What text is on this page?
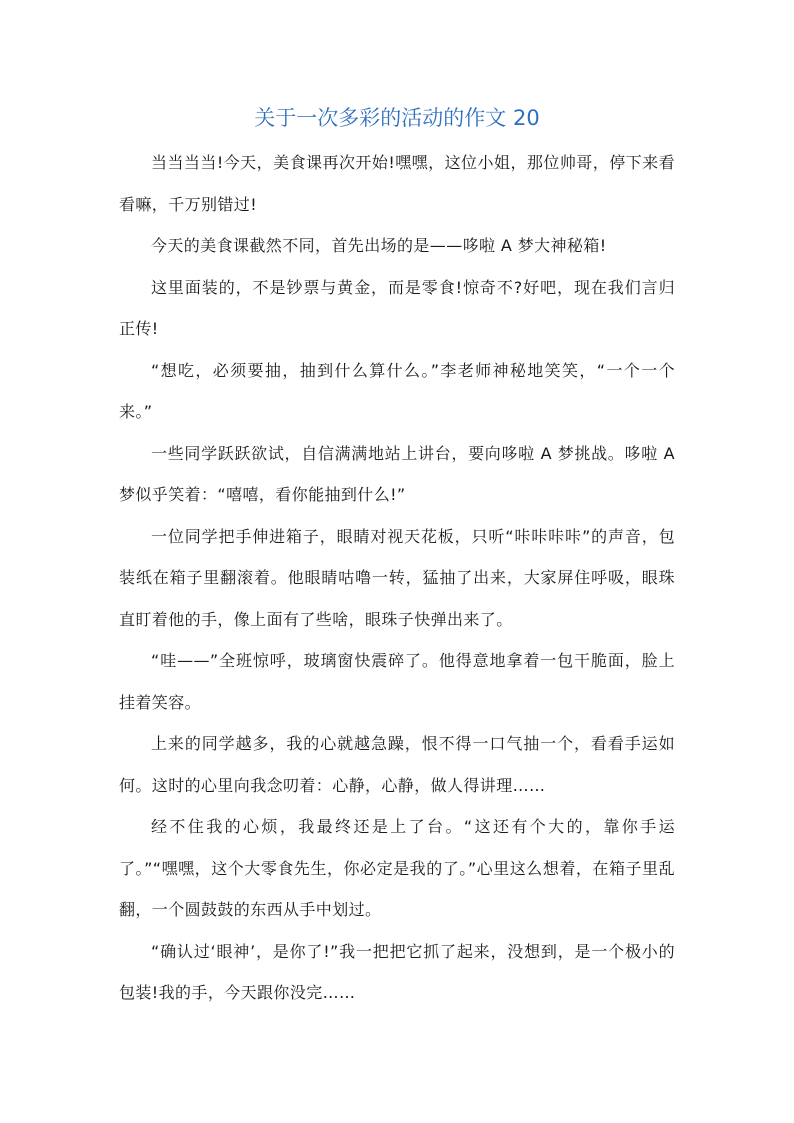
关于一次多彩的活动的作文 20

当当当当!今天，美食课再次开始!嘿嘿，这位小姐，那位帅哥，停下来看看嘛，千万别错过!

今天的美食课截然不同，首先出场的是——哆啦 A 梦大神秘箱!

这里面装的，不是钞票与黄金，而是零食!惊奇不?好吧，现在我们言归正传!

“想吃，必须要抽，抽到什么算什么。”李老师神秘地笑笑，“一个一个来。”

一些同学跃跃欲试，自信满满地站上讲台，要向哆啦 A 梦挑战。哆啦 A 梦似乎笑着：“嘻嘻，看你能抽到什么!”

一位同学把手伸进箱子，眼睛对视天花板，只听“咔咔咔咔”的声音，包装纸在箱子里翻滚着。他眼睛咕噜一转，猛抽了出来，大家屏住呼吸，眼珠直盯着他的手，像上面有了些啥，眼珠子快弹出来了。

“哇——”全班惊呼，玻璃窗快震碎了。他得意地拿着一包干脆面，脸上挂着笑容。

上来的同学越多，我的心就越急躁，恨不得一口气抽一个，看看手运如何。这时的心里向我念叨着：心静，心静，做人得讲理……

经不住我的心烦，我最终还是上了台。“这还有个大的，靠你手运了。”“嘿嘿，这个大零食先生，你必定是我的了。”心里这么想着，在箱子里乱翻，一个圆鼓鼓的东西从手中划过。

“确认过‘眼神’，是你了!”我一把把它抓了起来，没想到，是一个极小的包装!我的手，今天跟你没完……
